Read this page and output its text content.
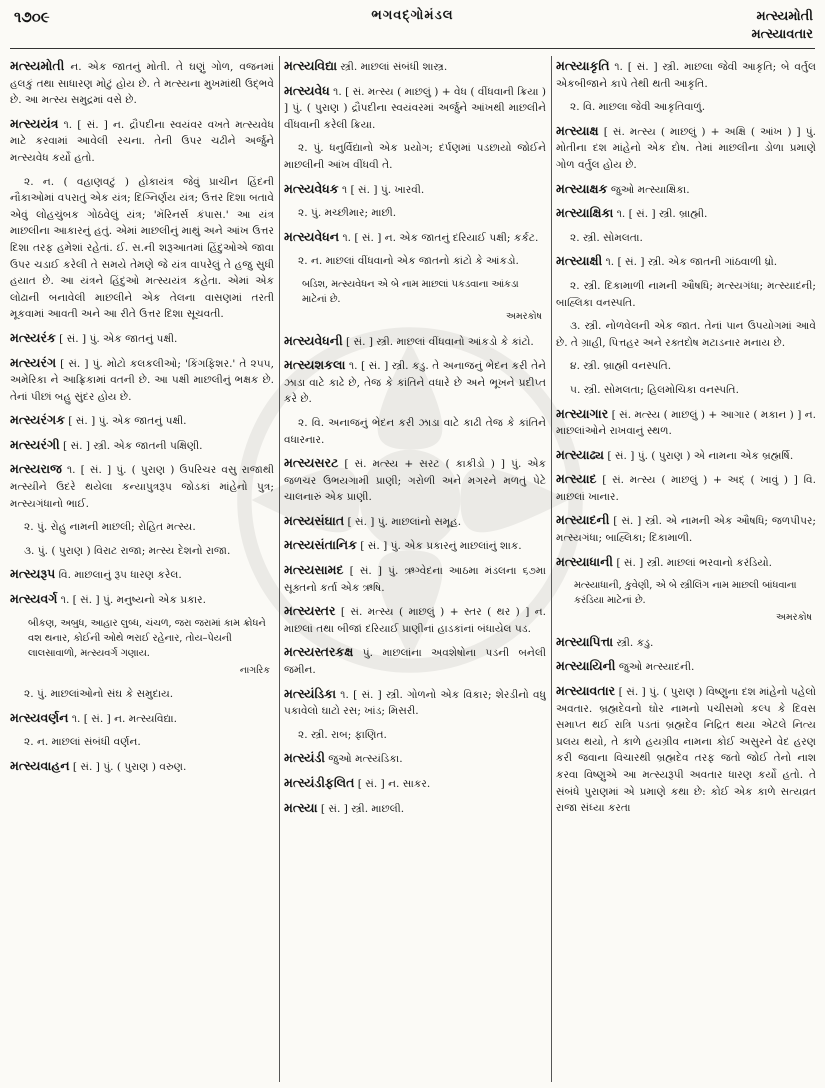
૧૭૦૯	ભગવદ્ગોમંડલ	મત્સ્યમોતી
મત્સ્યાવતાર
મત્સ્યમોતી ન. એક જાતનું મોતી. તે ઘણું ગોળ, વજનમાં હલકું તથા સાધારણ મોટું હોય છે. તે મત્સ્યના મુખમાંથી ઉદ્ભવે છે. આ મત્સ્ય સમુદ્રમાં વસે છે.
મત્સ્યયંત્ર ૧. [ સં. ] ન. દ્રૌપદીના સ્વયંવર વખતે મત્સ્યવેધ માટે કરવામાં આવેલી રચના. તેની ઉપર ચઢીને અર્જુને મત્સ્યવેધ કર્યો હતો.
૨. ન. ( વહાણવટું ) હોકાયંત્ર જેવું પ્રાચીન હિંદની નૌકાઓમાં વપરાતું એક યંત્ર; દિગ્નિર્ણય યંત્ર; ઉત્તર દિશા બતાવે એવું લોહચુંબક ગોઠવેલું યંત્ર; 'મૅરિનર્સ કંપાસ.' આ યંત્ર માછલીના આકારનું હતું. એમાં માછલીનું માથું અને આંખ ઉત્તર દિશા તરફ હમેશાં રહેતાં. ઈ. સ.ની શરૂઆતમાં હિંદુઓએ જાવા ઉપર ચડાઈ કરેલી તે સમયે તેમણે જે યંત્ર વાપરેલું તે હજુ સુધી હયાત છે. આ યંત્રને હિંદુઓ મત્સ્યયંત્ર કહેતા. એમાં એક લોઢાની બનાવેલી માછલીને એક તેલના વાસણમાં તરતી મૂકવામાં આવતી અને આ રીતે ઉત્તર દિશા સૂચવતી.
મત્સ્યરંક [ સં. ] પું. એક જાતનું પક્ષી.
મત્સ્યરંગ [ સં. ] પું. મોટો કલકલીઓ; 'કિંગફિશર.' તે ૨૫૫, અમેરિકા ને આફ્રિકામાં વતની છે. આ પક્ષી માછલીનું ભક્ષક છે. તેનાં પીછાં બહુ સુંદર હોય છે.
મત્સ્યરંગક [ સં. ] પું. એક જાતનું પક્ષી.
મત્સ્યરંગી [ સં. ] સ્ત્રી. એક જાતની પક્ષિણી.
મત્સ્યરાજ ૧. [ સં. ] પું. ( પુરાણ ) ઉપરિચર વસુ રાજાથી મત્સ્યીને ઉદરે થયેલા કન્યાપુત્રરૂપ જોડકાં માંહેનો પુત્ર; મત્સ્યગંધાનો ભાઈ.
૨. પું. રોહુ નામની માછલી; રોહિત મત્સ્ય.
૩. પું. ( પુરાણ ) વિરાટ રાજા; મત્સ્ય દેશનો રાજા.
મત્સ્યરૂપ વિ. માછલાનું રૂપ ધારણ કરેલ.
મત્સ્યવર્ગ ૧. [ સં. ] પું. મનુષ્યનો એક પ્રકાર.
બીકણ, અબુધ, આહાર લુબ્ધ, ચંચળ, જરા જરામાં કામ ક્રોધને વશ થનાર, કોઈની ઓથે ભરાઈ રહેનાર, તોય–પેયની લાલસાવાળો, મત્સ્યવર્ગ ગણાય.
નાગરિક
૨. પું. માછલાંઓનો સંઘ કે સમુદાય.
મત્સ્યવર્ણન ૧. [ સં. ] ન. મત્સ્યવિદ્યા.
૨. ન. માછલાં સંબંધી વર્ણન.
મત્સ્યવાહન [ સં. ] પું. ( પુરાણ ) વરુણ.
મત્સ્યવિદ્યા સ્ત્રી. માછલાં સંબંધી શાસ્ત્ર.
મત્સ્યવેધ ૧. [ સં. મત્સ્ય ( માછલું ) + વેધ ( વીંધવાની ક્રિયા ) ] પું. ( પુરાણ ) દ્રૌપદીના સ્વયંવરમાં અર્જુને આંખથી માછલીને વીંધવાની કરેલી ક્રિયા.
૨. પું. ધનુર્વિદ્યાનો એક પ્રયોગ; દર્પણમાં પડછાયો જોઈને માછલીની આંખ વીંધવી તે.
મત્સ્યવેધક ૧ [ સં. ] પું. ખારવી.
૨. પું. મચ્છીમાર; માછી.
મત્સ્યવેધન ૧. [ સં. ] ન. એક જાતનું દરિયાઈ પક્ષી; કર્કટ.
૨. ન. માછલાં વીંધવાનો એક જાતનો કાંટો કે આંકડો.
બડિશ, મત્સ્યવેધન એ બે નામ માછલાં પકડવાના આંકડા માટેનાં છે.
અમરકોષ
મત્સ્યવેધની [ સં. ] સ્ત્રી. માછલાં વીંધવાનો આંકડો કે કાંટો.
મત્સ્યશકલા ૧. [ સં. ] સ્ત્રી. કડુ. તે અનાજનું ભેદન કરી તેને ઝાડા વાટે કાઢે છે, તેજ કે કાંતિને વધારે છે અને ભૂખને પ્રદીપ્ત કરે છે.
૨. વિ. અનાજનું ભેદન કરી ઝાડા વાટે કાઢી તેજ કે કાંતિને વધારનાર.
મત્સ્યસરટ [ સં. મત્સ્ય + સરટ ( કાકીડો ) ] પું. એક જળચર ઉભયગામી પ્રાણી; ગરોળી અને મગરને મળતું પેટે ચાલનારું એક પ્રાણી.
મત્સ્યસંઘાત [ સં. ] પું. માછલાંનો સમૂહ.
મત્સ્યસંતાનિક [ સં. ] પું. એક પ્રકારનું માછલાંનું શાક.
મત્સ્યસામદ [ સં. ] પું. ઋગ્વેદના આઠમા મંડલના ૬૭મા સૂક્તનો કર્તા એક ઋષિ.
મત્સ્યસ્તર [ સં. મત્સ્ય ( માછલું ) + સ્તર ( થર ) ] ન. માછલાં તથા બીજાં દરિયાઈ પ્રાણીનાં હાડકાંનાં બંધાયેલ પડ.
મત્સ્યસ્તરકક્ષ પું. માછલાંના અવશેષોના પડની બનેલી જમીન.
મત્સ્યંડિકા ૧. [ સં. ] સ્ત્રી. ગોળનો એક વિકાર; શેરડીનો વધુ પકાવેલો ઘાટો રસ; ખાંડ; મિસરી.
૨. સ્ત્રી. રાબ; ફાણિત.
મત્સ્યંડી જુઓ મત્સ્યંડિકા.
મત્સ્યંડીફલિત [ સં. ] ન. સાકર.
મત્સ્યા [ સં. ] સ્ત્રી. માછલી.
મત્સ્યાકૃતિ ૧. [ સં. ] સ્ત્રી. માછલા જેવી આકૃતિ; બે વર્તુલ એકબીજાને કાપે તેથી થતી આકૃતિ.
૨. વિ. માછલા જેવી આકૃતિવાળું.
મત્સ્યાક્ષ [ સં. મત્સ્ય ( માછલું ) + અક્ષિ ( આંખ ) ] પું. મોતીના દશ માંહેનો એક દોષ. તેમાં માછલીના ડોળા પ્રમાણે ગોળ વર્તુલ હોય છે.
મત્સ્યાક્ષક જુઓ મત્સ્યાક્ષિકા.
મત્સ્યાક્ષિકા ૧. [ સં. ] સ્ત્રી. બ્રાહ્મી.
૨. સ્ત્રી. સોમલતા.
મત્સ્યાક્ષી ૧. [ સં. ] સ્ત્રી. એક જાતની ગાંઠવાળી ધ્રો.
૨. સ્ત્રી. દિકામાળી નામની ઔષધિ; મત્સ્યગંધા; મત્સ્યાદની; બાહ્લિકા વનસ્પતિ.
૩. સ્ત્રી. નોળવેલની એક જાત. તેનાં પાન ઉપયોગમાં આવે છે. તે ગ્રાહી, પિત્તહર અને રક્તદોષ મટાડનાર મનાય છે.
૪. સ્ત્રી. બ્રાહ્મી વનસ્પતિ.
૫. સ્ત્રી. સોમલતા; હિલમોચિકા વનસ્પતિ.
મત્સ્યાગાર [ સં. મત્સ્ય ( માછલું ) + આગાર ( મકાન ) ] ન. માછલાંઓને રાખવાનું સ્થળ.
મત્સ્યાઢ્ય [ સં. ] પું. ( પુરાણ ) એ નામના એક બ્રહ્મર્ષિ.
મત્સ્યાદ [ સં. મત્સ્ય ( માછલું ) + અદ્ ( ખાવું ) ] વિ. માછલાં ખાનાર.
મત્સ્યાદની [ સં. ] સ્ત્રી. એ નામની એક ઔષધિ; જળપીપર; મત્સ્યગંધા; બાહ્લિકા; દિકામાળી.
મત્સ્યાધાની [ સં. ] સ્ત્રી. માછલાં ભરવાનો કરંડિયો.
મત્સ્યાધાની, કુવેણી, એ બે સ્ત્રીલિંગ નામ માછલી બાંધવાના કરંડિયા માટેનાં છે.
અમરકોષ
મત્સ્યાપિત્તા સ્ત્રી. કડુ.
મત્સ્યાયિની જુઓ મત્સ્યાદની.
મત્સ્યાવતાર [ સં. ] પું. ( પુરાણ ) વિષ્ણુના દશ માંહેનો પહેલો અવતાર. બ્રહ્મદેવનો ઘોર નામનો પચીસમો કલ્પ કે દિવસ સમાપ્ત થઈ રાત્રિ પડતાં બ્રહ્મદેવ નિદ્રિત થયા એટલે નિત્ય પ્રલય થયો, તે કાળે હયગ્રીવ નામના કોઈ અસુરને વેદ હરણ કરી જવાના વિચારથી બ્રહ્મદેવ તરફ જતો જોઈ તેનો નાશ કરવા વિષ્ણુએ આ મત્સ્યરૂપી અવતાર ધારણ કર્યો હતો. તે સંબંધે પુરાણમાં એ પ્રમાણે કથા છે: કોઈ એક કાળે સત્યવ્રત રાજા સંધ્યા કરતા
